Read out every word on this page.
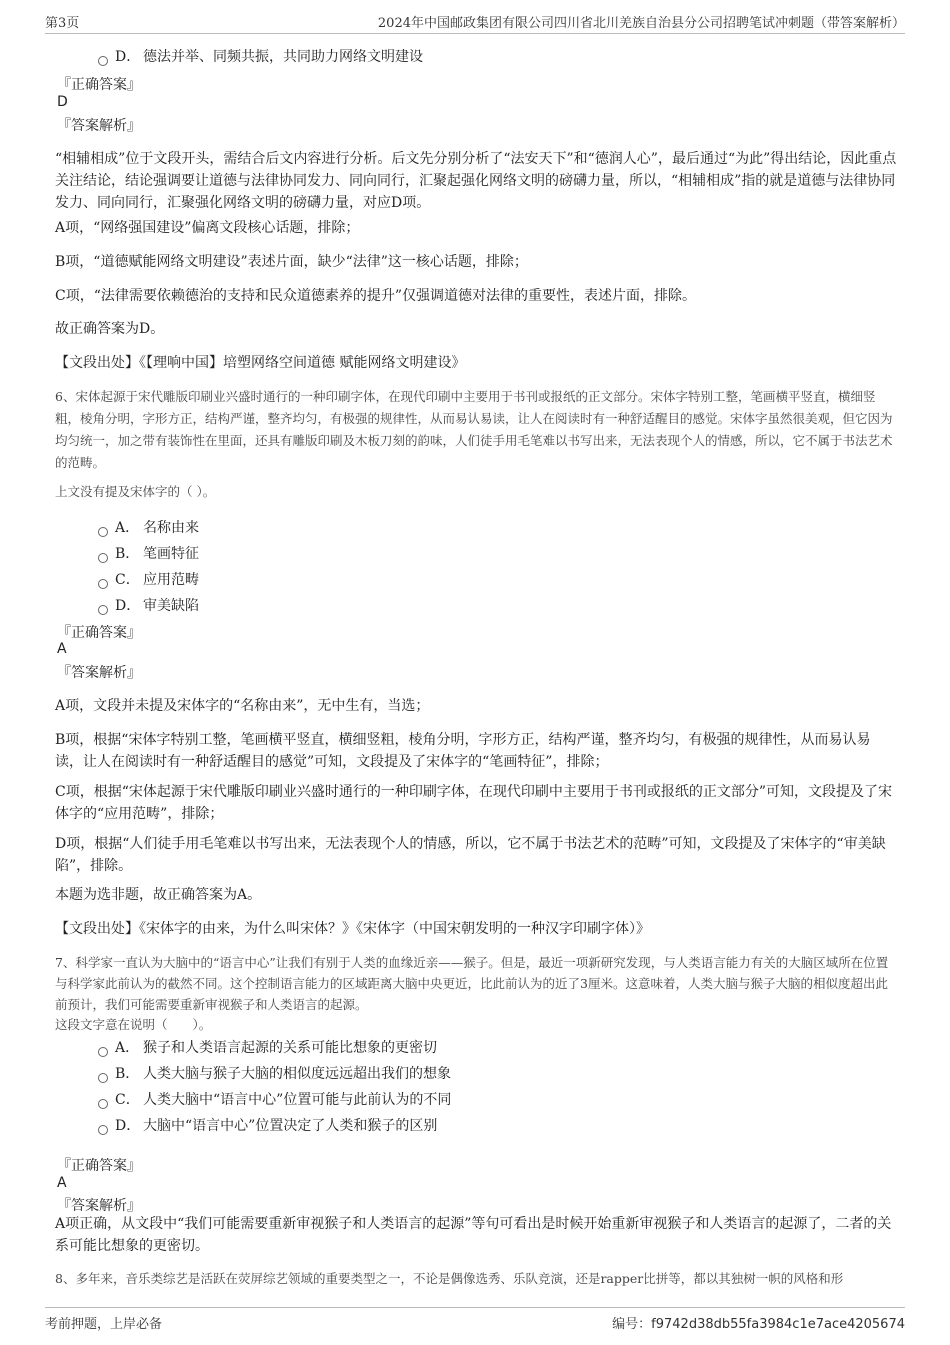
第3页	2024年中国邮政集团有限公司四川省北川羌族自治县分公司招聘笔试冲刺题（带答案解析）
D． 德法并举、同频共振，共同助力网络文明建设
『正确答案』
D
『答案解析』
“相辅相成”位于文段开头，需结合后文内容进行分析。后文先分别分析了“法安天下”和“德润人心”，最后通过“为此”得出结论，因此重点关注结论，结论强调要让道德与法律协同发力、同向同行，汇聚起强化网络文明的磅礴力量，所以，“相辅相成”指的就是道德与法律协同发力、同向同行，汇聚强化网络文明的磅礴力量，对应D项。
A项，“网络强国建设”偏离文段核心话题，排除；
B项，“道德赋能网络文明建设”表述片面，缺少“法律”这一核心话题，排除；
C项，“法律需要依赖德治的支持和民众道德素养的提升”仅强调道德对法律的重要性，表述片面，排除。
故正确答案为D。
【文段出处】《【理响中国】培塑网络空间道德 赋能网络文明建设》
6、宋体起源于宋代雕版印刷业兴盛时通行的一种印刷字体，在现代印刷中主要用于书刊或报纸的正文部分。宋体字特别工整，笔画横平竖直，横细竖粗，棱角分明，字形方正，结构严谨，整齐均匀，有极强的规律性，从而易认易读，让人在阅读时有一种舒适醒目的感觉。宋体字虽然很美观，但它因为均匀统一，加之带有装饰性在里面，还具有雕版印刷及木板刀刻的韵味，人们徒手用毛笔难以书写出来，无法表现个人的情感，所以，它不属于书法艺术的范畴。
上文没有提及宋体字的（ ）。
A． 名称由来
B． 笔画特征
C． 应用范畴
D． 审美缺陷
『正确答案』
A
『答案解析』
A项，文段并未提及宋体字的“名称由来”，无中生有，当选；
B项，根据“宋体字特别工整，笔画横平竖直，横细竖粗，棱角分明，字形方正，结构严谨，整齐均匀，有极强的规律性，从而易认易读，让人在阅读时有一种舒适醒目的感觉”可知，文段提及了宋体字的“笔画特征”，排除；
C项，根据“宋体起源于宋代雕版印刷业兴盛时通行的一种印刷字体，在现代印刷中主要用于书刊或报纸的正文部分”可知，文段提及了宋体字的“应用范畴”，排除；
D项，根据“人们徒手用毛笔难以书写出来，无法表现个人的情感，所以，它不属于书法艺术的范畴”可知，文段提及了宋体字的“审美缺陷”，排除。
本题为选非题，故正确答案为A。
【文段出处】《宋体字的由来，为什么叫宋体？》《宋体字（中国宋朝发明的一种汉字印刷字体）》
7、科学家一直认为大脑中的“语言中心”让我们有别于人类的血缘近亲——猴子。但是，最近一项新研究发现，与人类语言能力有关的大脑区域所在位置与科学家此前认为的截然不同。这个控制语言能力的区域距离大脑中央更近，比此前认为的近了3厘米。这意味着，人类大脑与猴子大脑的相似度超出此前预计，我们可能需要重新审视猴子和人类语言的起源。
这段文字意在说明（　　）。
A． 猴子和人类语言起源的关系可能比想象的更密切
B． 人类大脑与猴子大脑的相似度远远超出我们的想象
C． 人类大脑中“语言中心”位置可能与此前认为的不同
D． 大脑中“语言中心”位置决定了人类和猴子的区别
『正确答案』
A
『答案解析』
A项正确，从文段中“我们可能需要重新审视猴子和人类语言的起源”等句可看出是时候开始重新审视猴子和人类语言的起源了，二者的关系可能比想象的更密切。
8、多年来，音乐类综艺是活跃在荧屏综艺领域的重要类型之一，不论是偶像选秀、乐队竞演，还是rapper比拼等，都以其独树一帜的风格和形
考前押题，上岸必备	编号：f9742d38db55fa3984c1e7ace4205674
